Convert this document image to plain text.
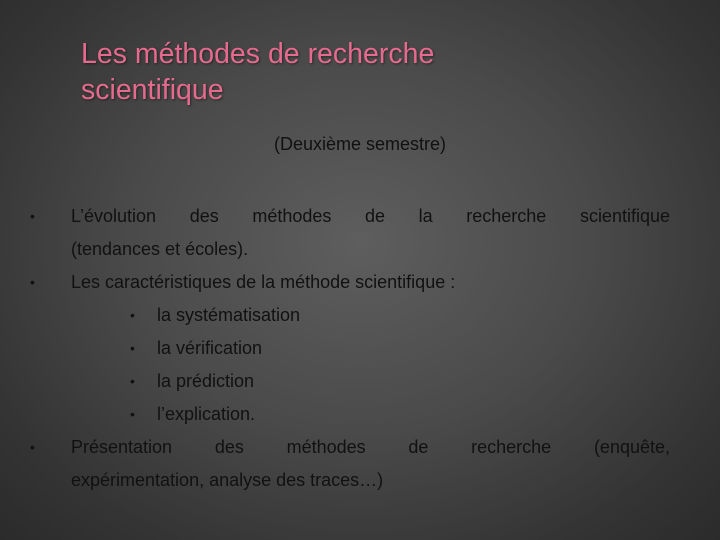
Les méthodes de recherche
scientifique
(Deuxième semestre)
•	L’évolution des méthodes de la recherche scientifique
(tendances et écoles).
•	Les caractéristiques de la méthode scientifique :
•	la systématisation
•	la vérification
•	la prédiction
•	l’explication.
•	Présentation des méthodes de recherche (enquête,
expérimentation, analyse des traces…)
